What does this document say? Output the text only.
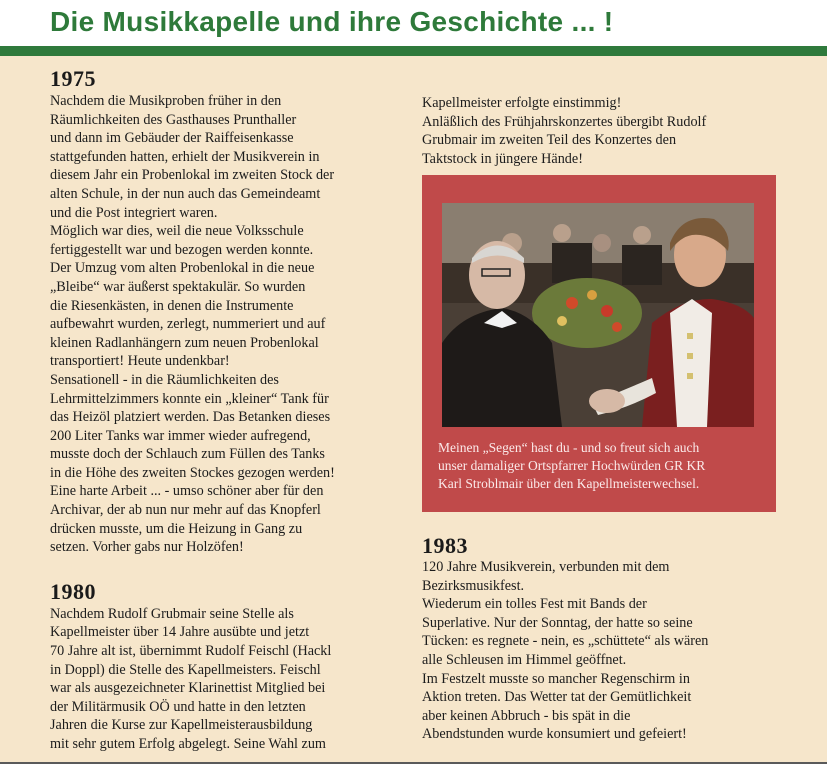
Die Musikkapelle und ihre Geschichte ... !
1975

Nachdem die Musikproben früher in den
Räumlichkeiten des Gasthauses Prunthaller
und dann im Gebäuder der Raiffeisenkasse
stattgefunden hatten, erhielt der Musikverein in
diesem Jahr ein Probenlokal im zweiten Stock der
alten Schule, in der nun auch das Gemeindeamt
und die Post integriert waren.
Möglich war dies, weil die neue Volksschule
fertiggestellt war und bezogen werden konnte.
Der Umzug vom alten Probenlokal in die neue
„Bleibe“ war äußerst spektakulär. So wurden
die Riesenkästen, in denen die Instrumente
aufbewahrt wurden, zerlegt, nummeriert und auf
kleinen Radlanhängern zum neuen Probenlokal
transportiert! Heute undenkbar!
Sensationell - in die Räumlichkeiten des
Lehrmittelzimmers konnte ein „kleiner“ Tank für
das Heizöl platziert werden. Das Betanken dieses
200 Liter Tanks war immer wieder aufregend,
musste doch der Schlauch zum Füllen des Tanks
in die Höhe des zweiten Stockes gezogen werden!
Eine harte Arbeit ... - umso schöner aber für den
Archivar, der ab nun nur mehr auf das Knopferl
drücken musste, um die Heizung in Gang zu
setzen. Vorher gabs nur Holzöfen!

1980

Nachdem Rudolf Grubmair seine Stelle als
Kapellmeister über 14 Jahre ausübte und jetzt
70 Jahre alt ist, übernimmt Rudolf Feischl (Hackl
in Doppl) die Stelle des Kapellmeisters. Feischl
war als ausgezeichneter Klarinettist Mitglied bei
der Militärmusik OÖ und hatte in den letzten
Jahren die Kurse zur Kapellmeisterausbildung
mit sehr gutem Erfolg abgelegt. Seine Wahl zum

Kapellmeister erfolgte einstimmig!
Anläßlich des Frühjahrskonzertes übergibt Rudolf
Grubmair im zweiten Teil des Konzertes den
Taktstock in jüngere Hände!

Meinen „Segen“ hast du - und so freut sich auch
unser damaliger Ortspfarrer Hochwürden GR KR
Karl Stroblmair über den Kapellmeisterwechsel.
1983

120 Jahre Musikverein, verbunden mit dem
Bezirksmusikfest.
Wiederum ein tolles Fest mit Bands der
Superlative. Nur der Sonntag, der hatte so seine
Tücken: es regnete - nein, es „schüttete“ als wären
alle Schleusen im Himmel geöffnet.
Im Festzelt musste so mancher Regenschirm in
Aktion treten. Das Wetter tat der Gemütlichkeit
aber keinen Abbruch - bis spät in die
Abendstunden wurde konsumiert und gefeiert!
